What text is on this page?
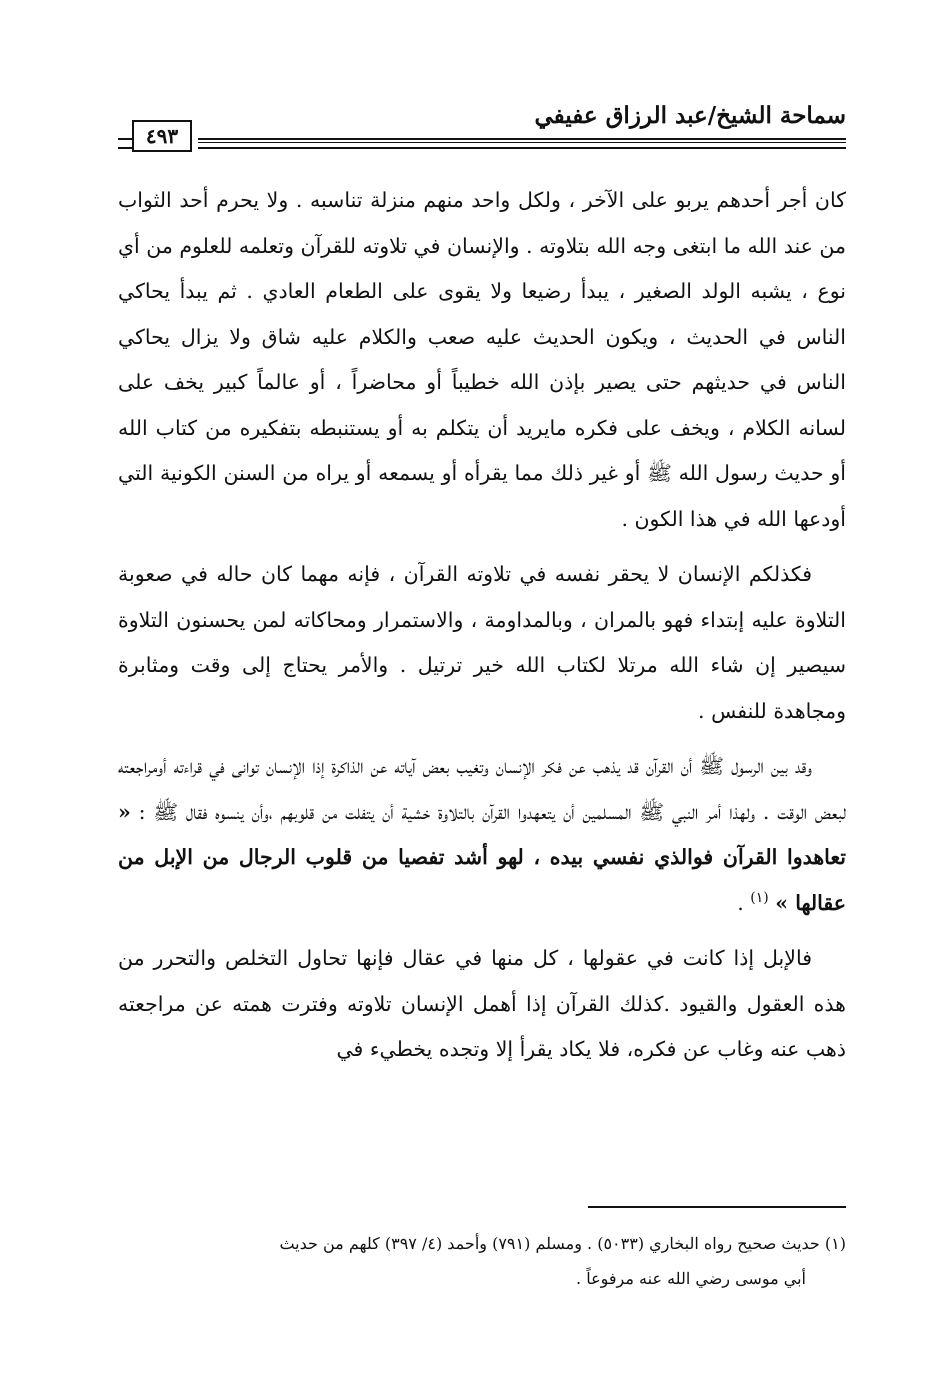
سماحة الشيخ/عبد الرزاق عفيفي
٤٩٣

كان أجر أحدهم يربو على الآخر ، ولكل واحد منهم منزلة تناسبه . ولا يحرم أحد الثواب من عند الله ما ابتغى وجه الله بتلاوته . والإنسان في تلاوته للقرآن وتعلمه للعلوم من أي نوع ، يشبه الولد الصغير ، يبدأ رضيعا ولا يقوى على الطعام العادي . ثم يبدأ يحاكي الناس في الحديث ، ويكون الحديث عليه صعب والكلام عليه شاق ولا يزال يحاكي الناس في حديثهم حتى يصير بإذن الله خطيباً أو محاضراً ، أو عالماً كبير يخف على لسانه الكلام ، ويخف على فكره مايريد أن يتكلم به أو يستنبطه بتفكيره من كتاب الله أو حديث رسول الله ﷺ أو غير ذلك مما يقرأه أو يسمعه أو يراه من السنن الكونية التي أودعها الله في هذا الكون .

فكذلكم الإنسان لا يحقر نفسه في تلاوته القرآن ، فإنه مهما كان حاله في صعوبة التلاوة عليه إبتداء فهو بالمران ، وبالمداومة ، والاستمرار ومحاكاته لمن يحسنون التلاوة سيصير إن شاء الله مرتلا لكتاب الله خير ترتيل . والأمر يحتاج إلى وقت ومثابرة ومجاهدة للنفس .

وقد بين الرسول ﷺ أن القرآن قد يذهب عن فكر الإنسان وتغيب بعض آياته عن الذاكرة إذا الإنسان توانى في قراءته أومراجعته لبعض الوقت . ولهذا أمر النبي ﷺ المسلمين أن يتعهدوا القرآن بالتلاوة خشية أن يتفلت من قلوبهم ،وأن ينسوه فقال ﷺ : « تعاهدوا القرآن فوالذي نفسي بيده ، لهو أشد تفصيا من قلوب الرجال من الإبل من عقالها » $^{(١)}$ .

فالإبل إذا كانت في عقولها ، كل منها في عقال فإنها تحاول التخلص والتحرر من هذه العقول والقيود .كذلك القرآن إذا أهمل الإنسان تلاوته وفترت همته عن مراجعته ذهب عنه وغاب عن فكره، فلا يكاد يقرأ إلا وتجده يخطيء في

(١) حديث صحيح رواه البخاري (٥٠٣٣) . ومسلم (٧٩١) وأحمد (٤/ ٣٩٧) كلهم من حديث

أبي موسى رضي الله عنه مرفوعاً .
